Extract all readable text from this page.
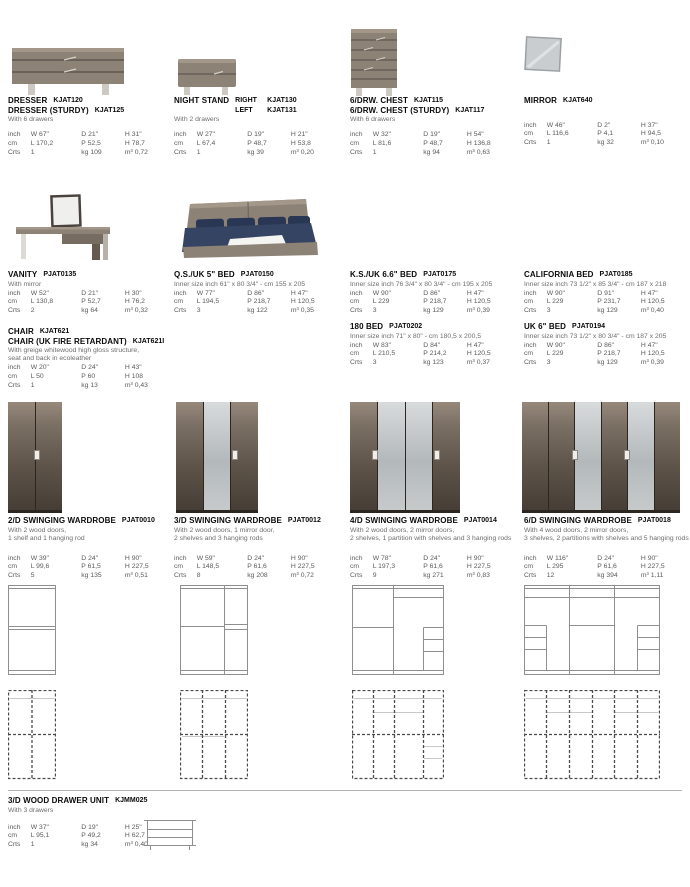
DRESSER KJAT120
DRESSER (STURDY) KJAT125
With 6 drawers
inch	W 67"	D 21"	H 31"
cm	L 170,2	P 52,5	H 78,7
Crts	1	kg 109	m³ 0,72
NIGHT STAND RIGHT	KJAT130
LEFT	KJAT131
With 2 drawers
inch	W 27"	D 19"	H 21"
cm	L 67,4	P 48,7	H 53,8
Crts	1	kg 39	m³ 0,20
6/DRW. CHEST KJAT115
6/DRW. CHEST (STURDY) KJAT117
With 6 drawers
inch	W 32"	D 19"	H 54"
cm	L 81,6	P 48,7	H 136,8
Crts	1	kg 94	m³ 0,63
MIRROR KJAT640
inch	W 46"	D 2"	H 37"
cm	L 116,6	P 4,1	H 94,5
Crts	1	kg 32	m³ 0,10
VANITY PJAT0135
With mirror
inch	W 52"	D 21"	H 30"
cm	L 130,8	P 52,7	H 76,2
Crts	2	kg 64	m³ 0,32
Q.S./UK 5" BED PJAT0150
Inner size inch 61" x 80 3/4" - cm 155 x 205
inch	W 77"	D 86"	H 47"
cm	L 194,5	P 218,7	H 120,5
Crts	3	kg 122	m³ 0,35
K.S./UK 6.6" BED PJAT0175
Inner size inch 76 3/4" x 80 3/4" - cm 195 x 205
inch	W 90"	D 86"	H 47"
cm	L 229	P 218,7	H 120,5
Crts	3	kg 129	m³ 0,39
CALIFORNIA BED PJAT0185
Inner size inch 73 1/2" x 85 3/4" - cm 187 x 218
inch	W 90"	D 91"	H 47"
cm	L 229	P 231,7	H 120,5
Crts	3	kg 129	m³ 0,40
180 BED PJAT0202
Inner size inch 71" x 80" - cm 180,5 x 200,5
inch	W 83"	D 84"	H 47"
cm	L 210,5	P 214,2	H 120,5
Crts	3	kg 123	m³ 0,37
UK 6" BED PJAT0194
Inner size inch 73 1/2" x 80 3/4" - cm 187 x 205
inch	W 90"	D 86"	H 47"
cm	L 229	P 218,7	H 120,5
Crts	3	kg 129	m³ 0,39
CHAIR KJAT621
CHAIR (UK FIRE RETARDANT) KJAT621I
With greige whitewood high gloss structure,
seat and back in ecoleather
inch	W 20"	D 24"	H 43"
cm	L 50	P 60	H 108
Crts	1	kg 13	m³ 0,43
2/D SWINGING WARDROBE PJAT0010
With 2 wood doors,
1 shelf and 1 hanging rod
inch	W 39"	D 24"	H 90"
cm	L 99,6	P 61,5	H 227,5
Crts	5	kg 135	m³ 0,51
3/D SWINGING WARDROBE PJAT0012
With 2 wood doors, 1 mirror door,
2 shelves and 3 hanging rods
inch	W 59"	D 24"	H 90"
cm	L 148,5	P 61,6	H 227,5
Crts	8	kg 208	m³ 0,72
4/D SWINGING WARDROBE PJAT0014
With 2 wood doors, 2 mirror doors,
2 shelves, 1 partition with shelves and 3 hanging rods
inch	W 78"	D 24"	H 90"
cm	L 197,3	P 61,6	H 227,5
Crts	9	kg 271	m³ 0,83
6/D SWINGING WARDROBE PJAT0018
With 4 wood doors, 2 mirror doors,
3 shelves, 2 partitions with shelves and 5 hanging rods
inch	W 116"	D 24"	H 90"
cm	L 295	P 61,6	H 227,5
Crts	12	kg 394	m³ 1,11
3/D WOOD DRAWER UNIT KJMM025
With 3 drawers
inch	W 37"	D 19"	H 25"
cm	L 95,1	P 49,2	H 62,7
Crts	1	kg 34	m³ 0,40
